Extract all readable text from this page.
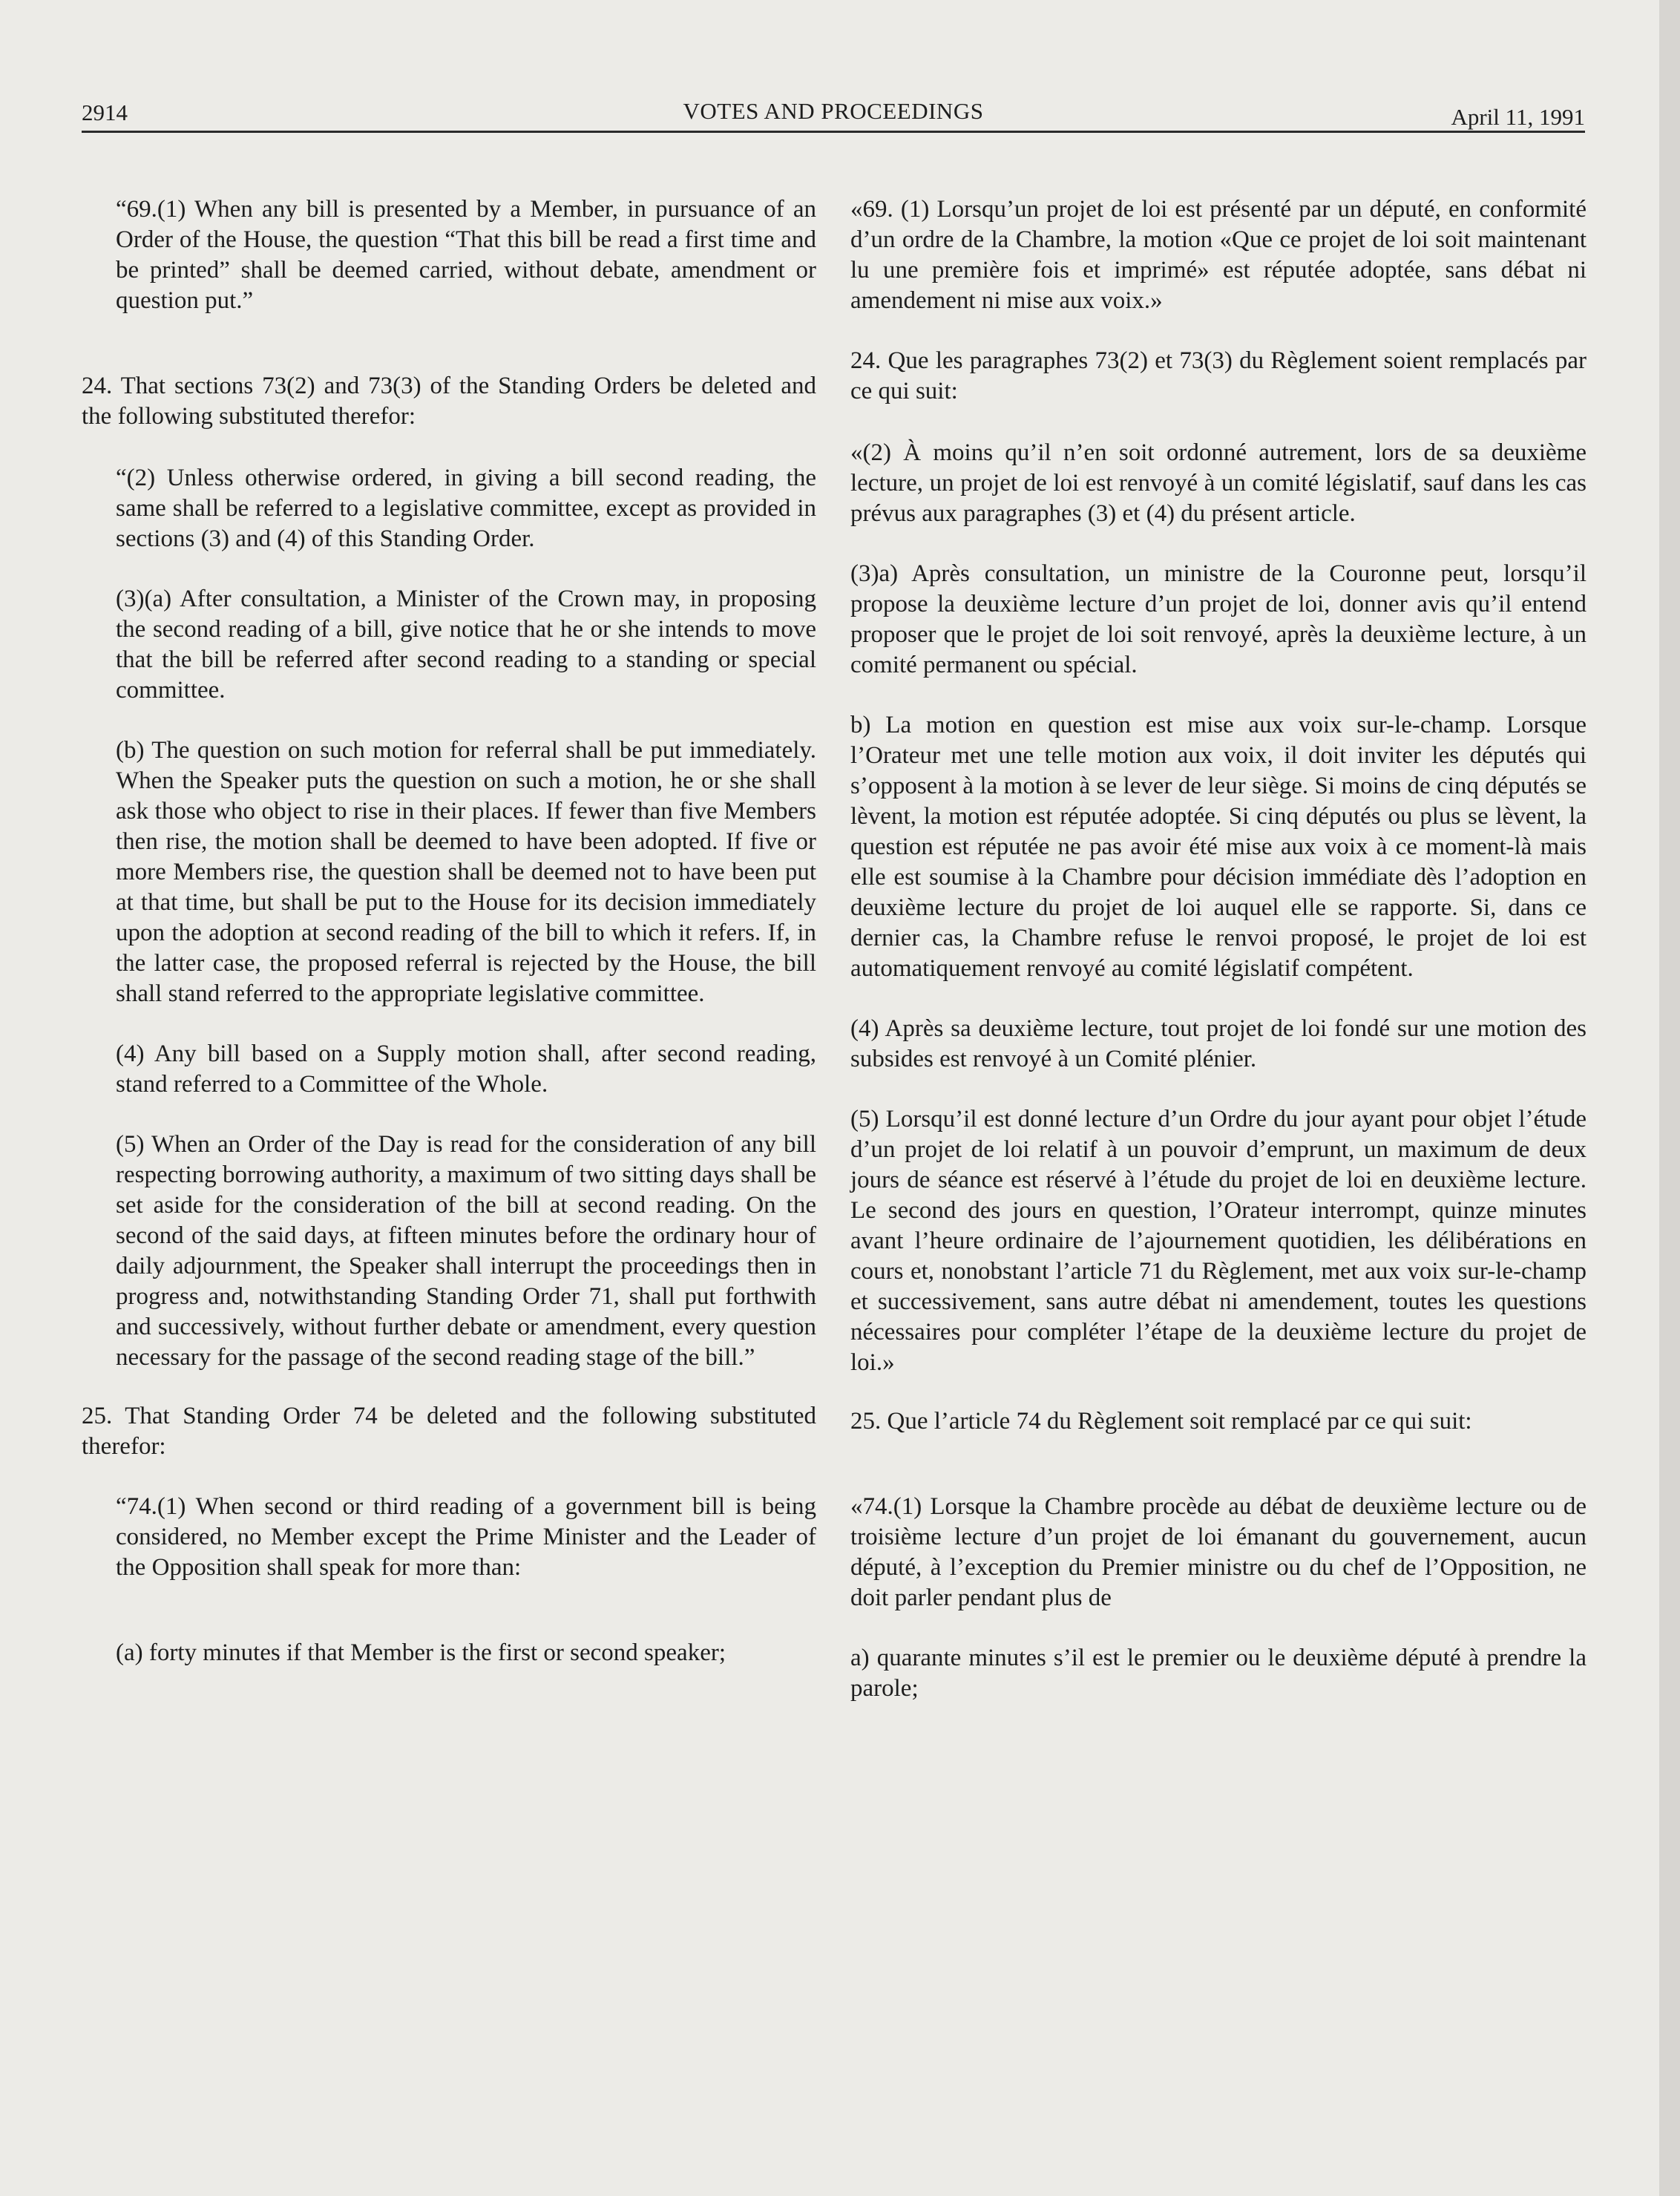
2914	VOTES AND PROCEEDINGS	April 11, 1991

“69.(1) When any bill is presented by a Member, in pursuance of an Order of the House, the question “That this bill be read a first time and be printed” shall be deemed carried, without debate, amendment or question put.”

24. That sections 73(2) and 73(3) of the Standing Orders be deleted and the following substituted therefor:

“(2) Unless otherwise ordered, in giving a bill second reading, the same shall be referred to a legislative committee, except as provided in sections (3) and (4) of this Standing Order.

(3)(a) After consultation, a Minister of the Crown may, in proposing the second reading of a bill, give notice that he or she intends to move that the bill be referred after second reading to a standing or special committee.

(b) The question on such motion for referral shall be put immediately. When the Speaker puts the question on such a motion, he or she shall ask those who object to rise in their places. If fewer than five Members then rise, the motion shall be deemed to have been adopted. If five or more Members rise, the question shall be deemed not to have been put at that time, but shall be put to the House for its decision immediately upon the adoption at second reading of the bill to which it refers. If, in the latter case, the proposed referral is rejected by the House, the bill shall stand referred to the appropriate legislative committee.

(4) Any bill based on a Supply motion shall, after second reading, stand referred to a Committee of the Whole.

(5) When an Order of the Day is read for the consideration of any bill respecting borrowing authority, a maximum of two sitting days shall be set aside for the consideration of the bill at second reading. On the second of the said days, at fifteen minutes before the ordinary hour of daily adjournment, the Speaker shall interrupt the proceedings then in progress and, notwithstanding Standing Order 71, shall put forthwith and successively, without further debate or amendment, every question necessary for the passage of the second reading stage of the bill.”

25. That Standing Order 74 be deleted and the following substituted therefor:

“74.(1) When second or third reading of a government bill is being considered, no Member except the Prime Minister and the Leader of the Opposition shall speak for more than:

(a) forty minutes if that Member is the first or second speaker;

«69. (1) Lorsqu’un projet de loi est présenté par un député, en conformité d’un ordre de la Chambre, la motion «Que ce projet de loi soit maintenant lu une première fois et imprimé» est réputée adoptée, sans débat ni amendement ni mise aux voix.»

24. Que les paragraphes 73(2) et 73(3) du Règlement soient remplacés par ce qui suit:

«(2) À moins qu’il n’en soit ordonné autrement, lors de sa deuxième lecture, un projet de loi est renvoyé à un comité législatif, sauf dans les cas prévus aux paragraphes (3) et (4) du présent article.

(3)a) Après consultation, un ministre de la Couronne peut, lorsqu’il propose la deuxième lecture d’un projet de loi, donner avis qu’il entend proposer que le projet de loi soit renvoyé, après la deuxième lecture, à un comité permanent ou spécial.

b) La motion en question est mise aux voix sur-le-champ. Lorsque l’Orateur met une telle motion aux voix, il doit inviter les députés qui s’opposent à la motion à se lever de leur siège. Si moins de cinq députés se lèvent, la motion est réputée adoptée. Si cinq députés ou plus se lèvent, la question est réputée ne pas avoir été mise aux voix à ce moment-là mais elle est soumise à la Chambre pour décision immédiate dès l’adoption en deuxième lecture du projet de loi auquel elle se rapporte. Si, dans ce dernier cas, la Chambre refuse le renvoi proposé, le projet de loi est automatiquement renvoyé au comité législatif compétent.

(4) Après sa deuxième lecture, tout projet de loi fondé sur une motion des subsides est renvoyé à un Comité plénier.

(5) Lorsqu’il est donné lecture d’un Ordre du jour ayant pour objet l’étude d’un projet de loi relatif à un pouvoir d’emprunt, un maximum de deux jours de séance est réservé à l’étude du projet de loi en deuxième lecture. Le second des jours en question, l’Orateur interrompt, quinze minutes avant l’heure ordinaire de l’ajournement quotidien, les délibérations en cours et, nonobstant l’article 71 du Règlement, met aux voix sur-le-champ et successivement, sans autre débat ni amendement, toutes les questions nécessaires pour compléter l’étape de la deuxième lecture du projet de loi.»

25. Que l’article 74 du Règlement soit remplacé par ce qui suit:

«74.(1) Lorsque la Chambre procède au débat de deuxième lecture ou de troisième lecture d’un projet de loi émanant du gouvernement, aucun député, à l’exception du Premier ministre ou du chef de l’Opposition, ne doit parler pendant plus de

a) quarante minutes s’il est le premier ou le deuxième député à prendre la parole;
